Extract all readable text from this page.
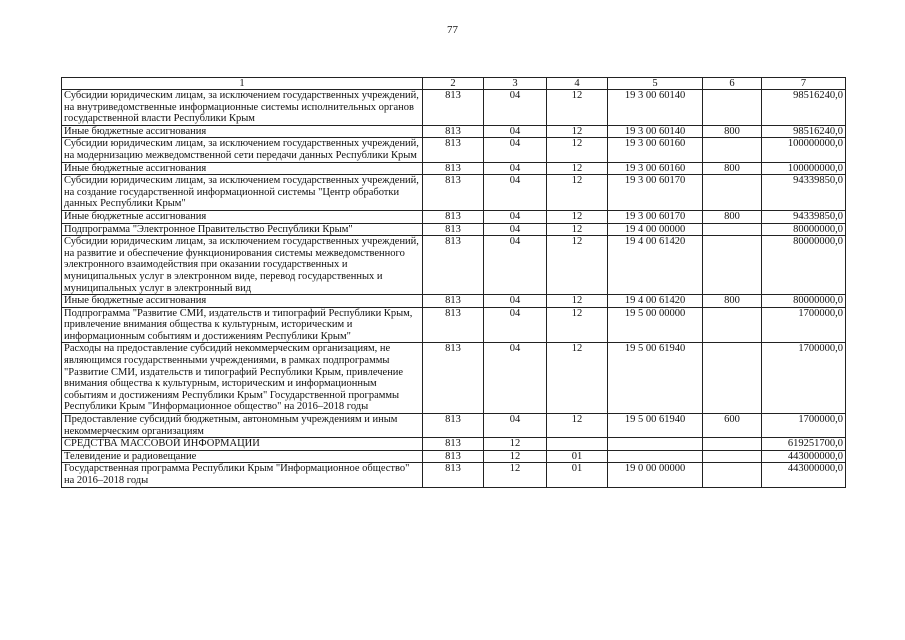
77
1	2	3	4	5	6	7
Субсидии юридическим лицам, за исключением государственных учреждений, на внутриведомственные информационные системы исполнительных органов государственной власти Республики Крым	813	04	12	19 3 00 60140		98516240,0
Иные бюджетные ассигнования	813	04	12	19 3 00 60140	800	98516240,0
Субсидии юридическим лицам, за исключением государственных учреждений, на модернизацию межведомственной сети передачи данных Республики Крым	813	04	12	19 3 00 60160		100000000,0
Иные бюджетные ассигнования	813	04	12	19 3 00 60160	800	100000000,0
Субсидии юридическим лицам, за исключением государственных учреждений, на создание государственной информационной системы "Центр обработки данных Республики Крым"	813	04	12	19 3 00 60170		94339850,0
Иные бюджетные ассигнования	813	04	12	19 3 00 60170	800	94339850,0
Подпрограмма "Электронное Правительство Республики Крым"	813	04	12	19 4 00 00000		80000000,0
Субсидии юридическим лицам, за исключением государственных учреждений, на развитие и обеспечение функционирования системы межведомственного электронного взаимодействия при оказании государственных и муниципальных услуг в электронном виде, перевод государственных и муниципальных услуг в электронный вид	813	04	12	19 4 00 61420		80000000,0
Иные бюджетные ассигнования	813	04	12	19 4 00 61420	800	80000000,0
Подпрограмма "Развитие СМИ, издательств и типографий Республики Крым, привлечение внимания общества к культурным, историческим и информационным событиям и достижениям Республики Крым"	813	04	12	19 5 00 00000		1700000,0
Расходы на предоставление субсидий некоммерческим организациям, не являющимся государственными учреждениями, в рамках подпрограммы "Развитие СМИ, издательств и типографий Республики Крым, привлечение внимания общества к культурным, историческим и информационным событиям и достижениям Республики Крым" Государственной программы Республики Крым "Информационное общество" на 2016–2018 годы	813	04	12	19 5 00 61940		1700000,0
Предоставление субсидий бюджетным, автономным учреждениям и иным некоммерческим организациям	813	04	12	19 5 00 61940	600	1700000,0
СРЕДСТВА МАССОВОЙ ИНФОРМАЦИИ	813	12				619251700,0
Телевидение и радиовещание	813	12	01			443000000,0
Государственная программа Республики Крым "Информационное общество" на 2016–2018 годы	813	12	01	19 0 00 00000		443000000,0
